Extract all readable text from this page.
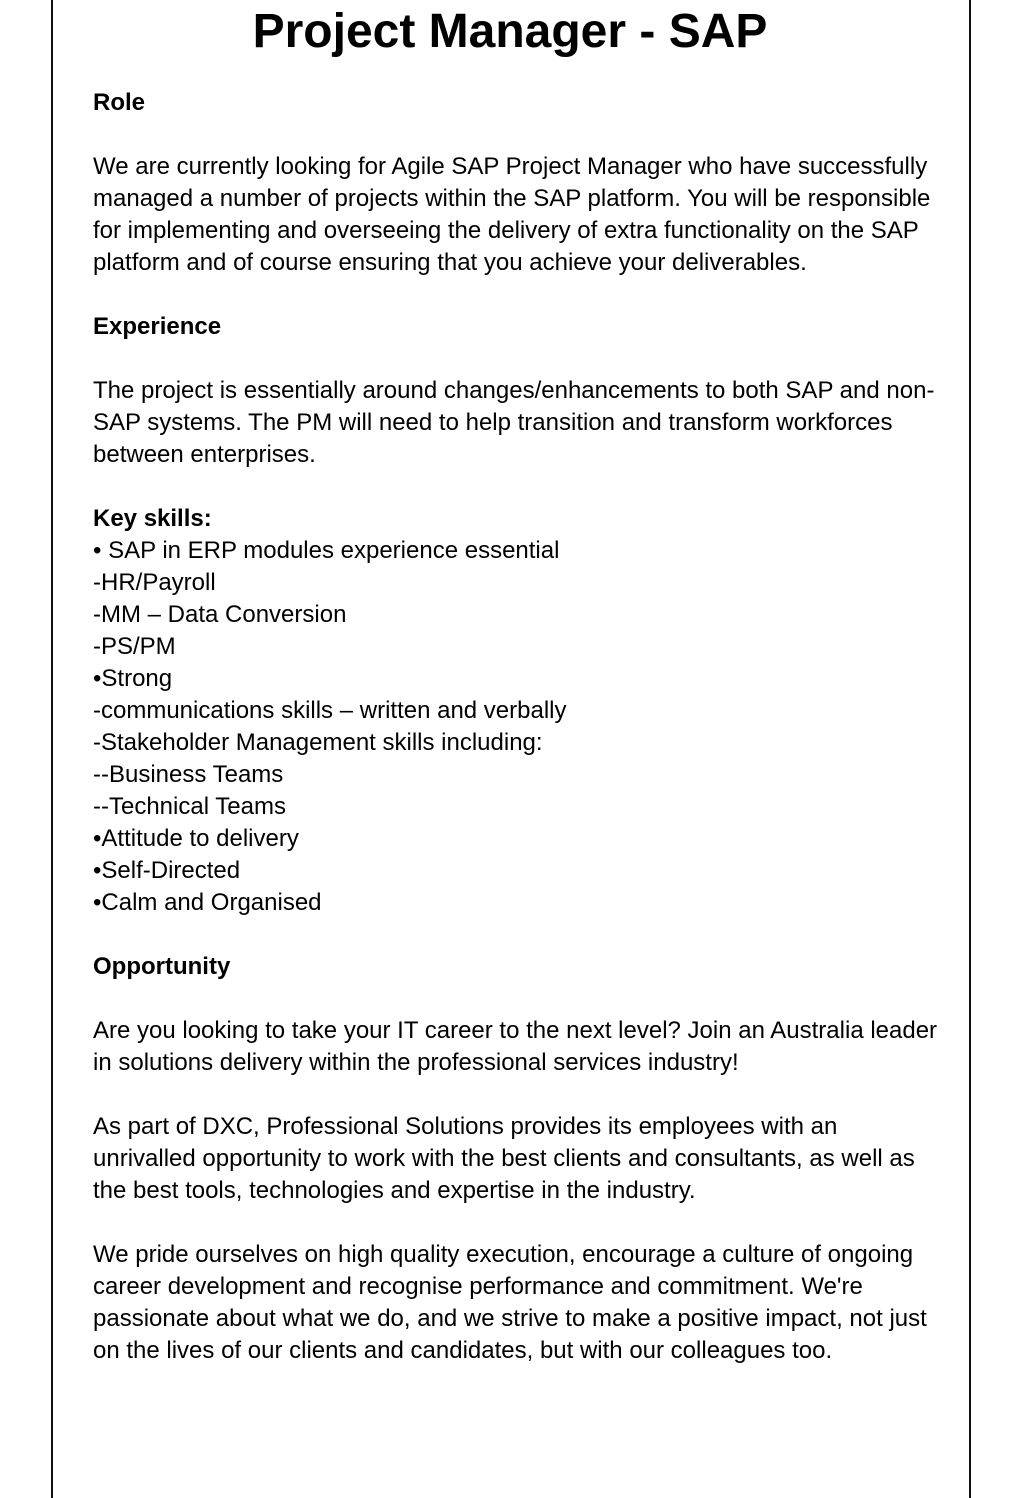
Project Manager - SAP
Role

We are currently looking for Agile SAP Project Manager who have successfully managed a number of projects within the SAP platform. You will be responsible for implementing and overseeing the delivery of extra functionality on the SAP platform and of course ensuring that you achieve your deliverables.

Experience

The project is essentially around changes/enhancements to both SAP and non-SAP systems. The PM will need to help transition and transform workforces between enterprises.

Key skills:
• SAP in ERP modules experience essential
-HR/Payroll
-MM – Data Conversion
-PS/PM
•Strong
-communications skills – written and verbally
-Stakeholder Management skills including:
--Business Teams
--Technical Teams
•Attitude to delivery
•Self-Directed
•Calm and Organised
Opportunity

Are you looking to take your IT career to the next level? Join an Australia leader in solutions delivery within the professional services industry!

As part of DXC, Professional Solutions provides its employees with an unrivalled opportunity to work with the best clients and consultants, as well as the best tools, technologies and expertise in the industry.

We pride ourselves on high quality execution, encourage a culture of ongoing career development and recognise performance and commitment. We're passionate about what we do, and we strive to make a positive impact, not just on the lives of our clients and candidates, but with our colleagues too.
